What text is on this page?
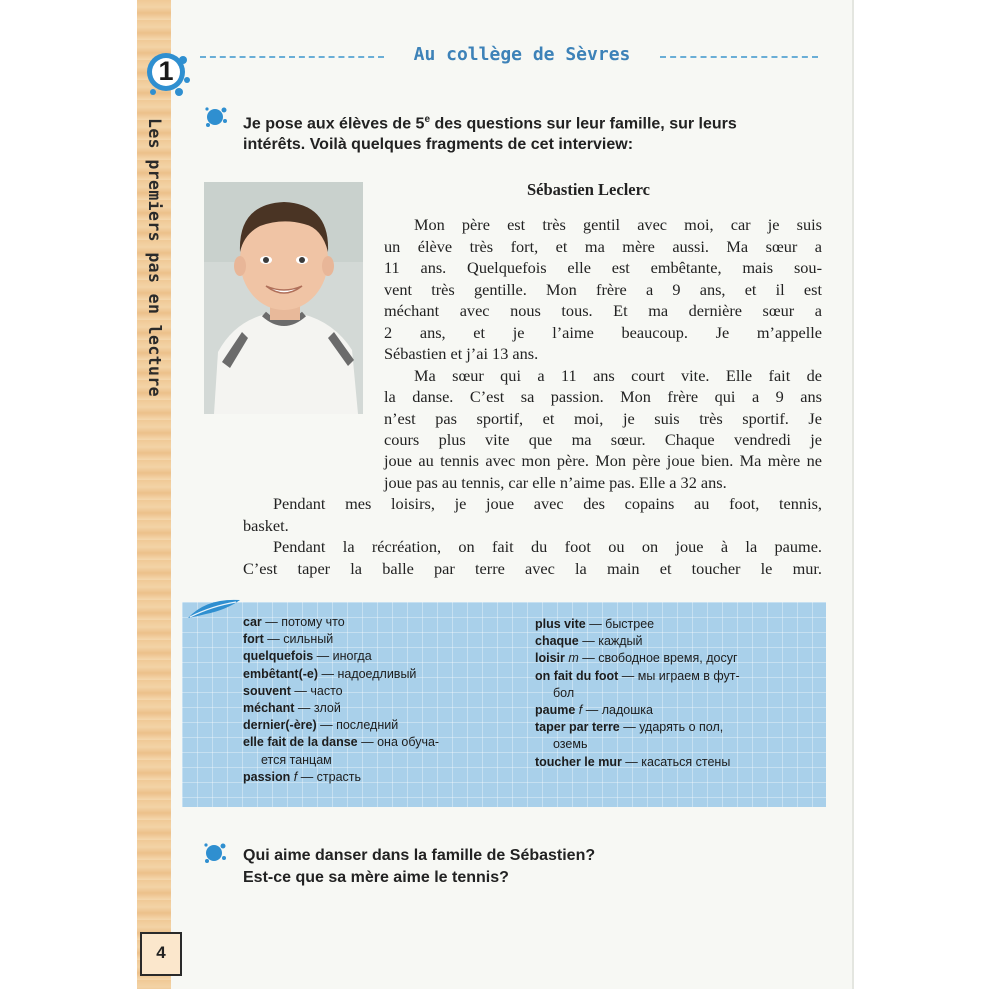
Les premiers pas en lecture
1
Au collège de Sèvres
Je pose aux élèves de 5e des questions sur leur famille, sur leurs
intérêts. Voilà quelques fragments de cet interview:
Sébastien Leclerc
Mon père est très gentil avec moi, car je suis
un élève très fort, et ma mère aussi. Ma sœur a
11 ans. Quelquefois elle est embêtante, mais sou-
vent très gentille. Mon frère a 9 ans, et il est
méchant avec nous tous. Et ma dernière sœur a
2 ans, et je l’aime beaucoup. Je m’appelle
Sébastien et j’ai 13 ans.
Ma sœur qui a 11 ans court vite. Elle fait de
la danse. C’est sa passion. Mon frère qui a 9 ans
n’est pas sportif, et moi, je suis très sportif. Je
cours plus vite que ma sœur. Chaque vendredi je
joue au tennis avec mon père. Mon père joue bien. Ma mère ne
joue pas au tennis, car elle n’aime pas. Elle a 32 ans.
Pendant mes loisirs, je joue avec des copains au foot, tennis,
basket.
Pendant la récréation, on fait du foot ou on joue à la paume.
C’est taper la balle par terre avec la main et toucher le mur.
car — потому что
fort — сильный
quelquefois — иногда
embêtant(-e) — надоедливый
souvent — часто
méchant — злой
dernier(-ère) — последний
elle fait de la danse — она обуча-
ется танцам
passion f — страсть
plus vite — быстрее
chaque — каждый
loisir m — свободное время, досуг
on fait du foot — мы играем в фут-
бол
paume f — ладошка
taper par terre — ударять о пол,
оземь
toucher le mur — касаться стены
Qui aime danser dans la famille de Sébastien?
Est-ce que sa mère aime le tennis?
4
